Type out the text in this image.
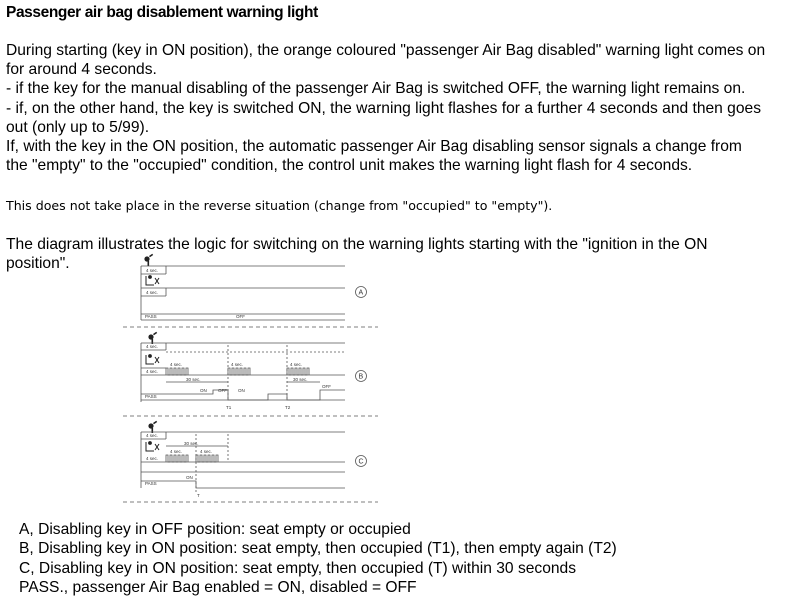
Passenger air bag disablement warning light
During starting (key in ON position), the orange coloured "passenger Air Bag disabled" warning light comes on
for around 4 seconds.
- if the key for the manual disabling of the passenger Air Bag is switched OFF, the warning light remains on.
- if, on the other hand, the key is switched ON, the warning light flashes for a further 4 seconds and then goes
out (only up to 5/99).
If, with the key in the ON position, the automatic passenger Air Bag disabling sensor signals a change from
the "empty" to the "occupied" condition, the control unit makes the warning light flash for 4 seconds.
This does not take place in the reverse situation (change from "occupied" to "empty").
The diagram illustrates the logic for switching on the warning lights starting with the "ignition in the ON
position".	4 sec.
4 sec.
PASS	OFF
A
4 sec.
4 sec.	4 sec.	4 sec.
4 sec.
30 sec.	30 sec.
ON	OFF ON
OFF
PASS
T1	T2
B
4 sec.
30 sec.
4 sec.	4 sec.
4 sec.
ON
PASS
T
C
A, Disabling key in OFF position: seat empty or occupied
B, Disabling key in ON position: seat empty, then occupied (T1), then empty again (T2)
C, Disabling key in ON position: seat empty, then occupied (T) within 30 seconds
PASS., passenger Air Bag enabled = ON, disabled = OFF
